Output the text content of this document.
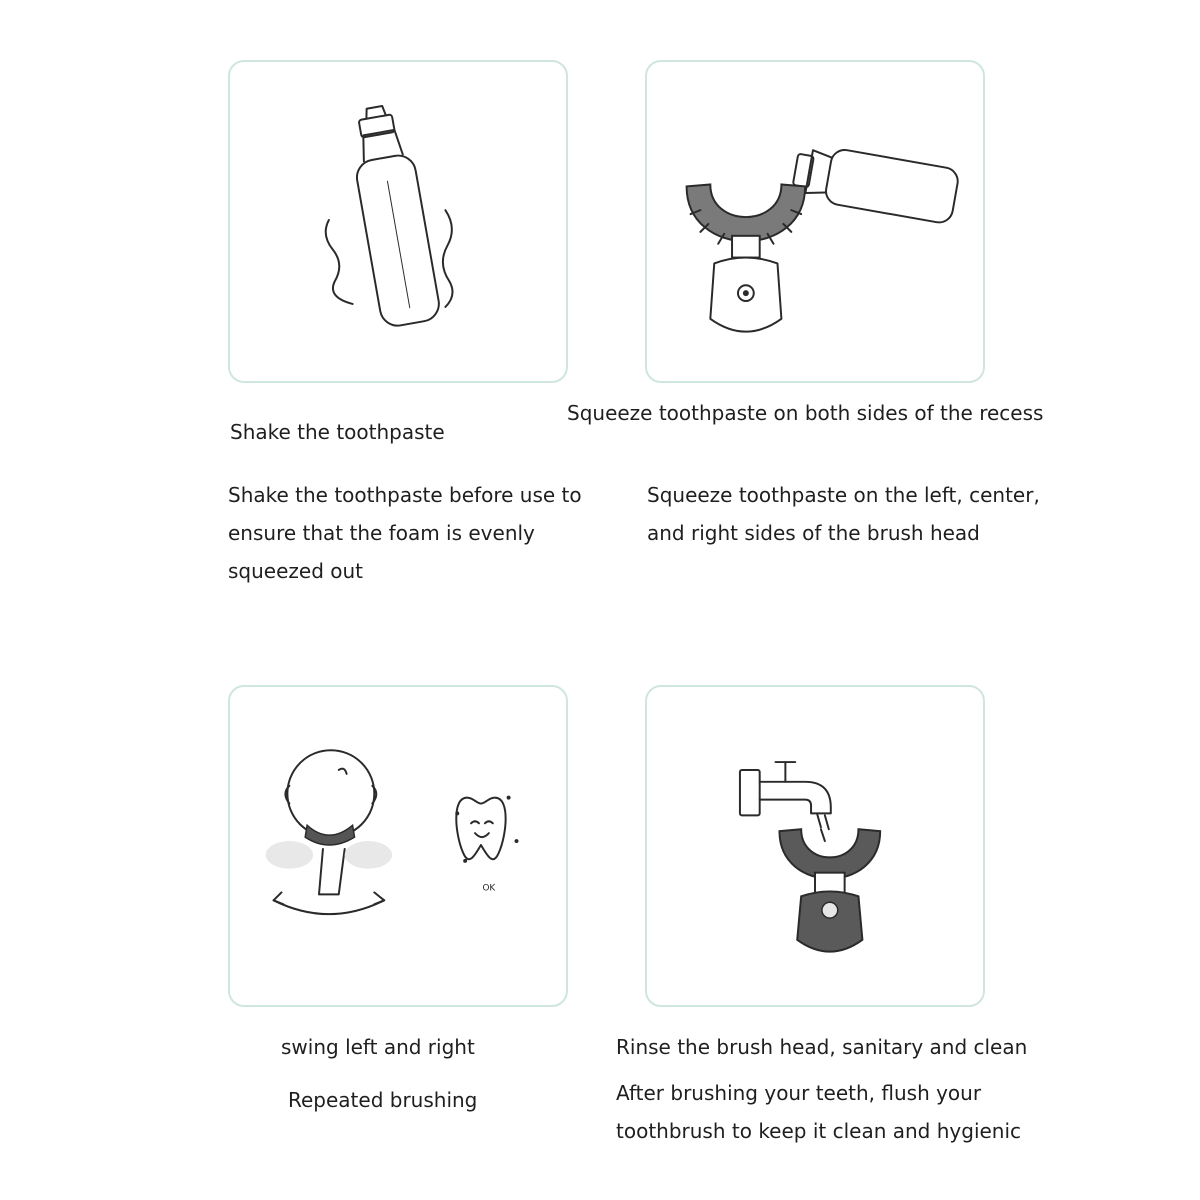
OK
Shake the toothpaste
Shake the toothpaste before use to
ensure that the foam is evenly
squeezed out
Squeeze toothpaste on both sides of the recess
Squeeze toothpaste on the left, center,
and right sides of the brush head
swing left and right
Repeated brushing
Rinse the brush head, sanitary and clean
After brushing your teeth, flush your
toothbrush to keep it clean and hygienic
